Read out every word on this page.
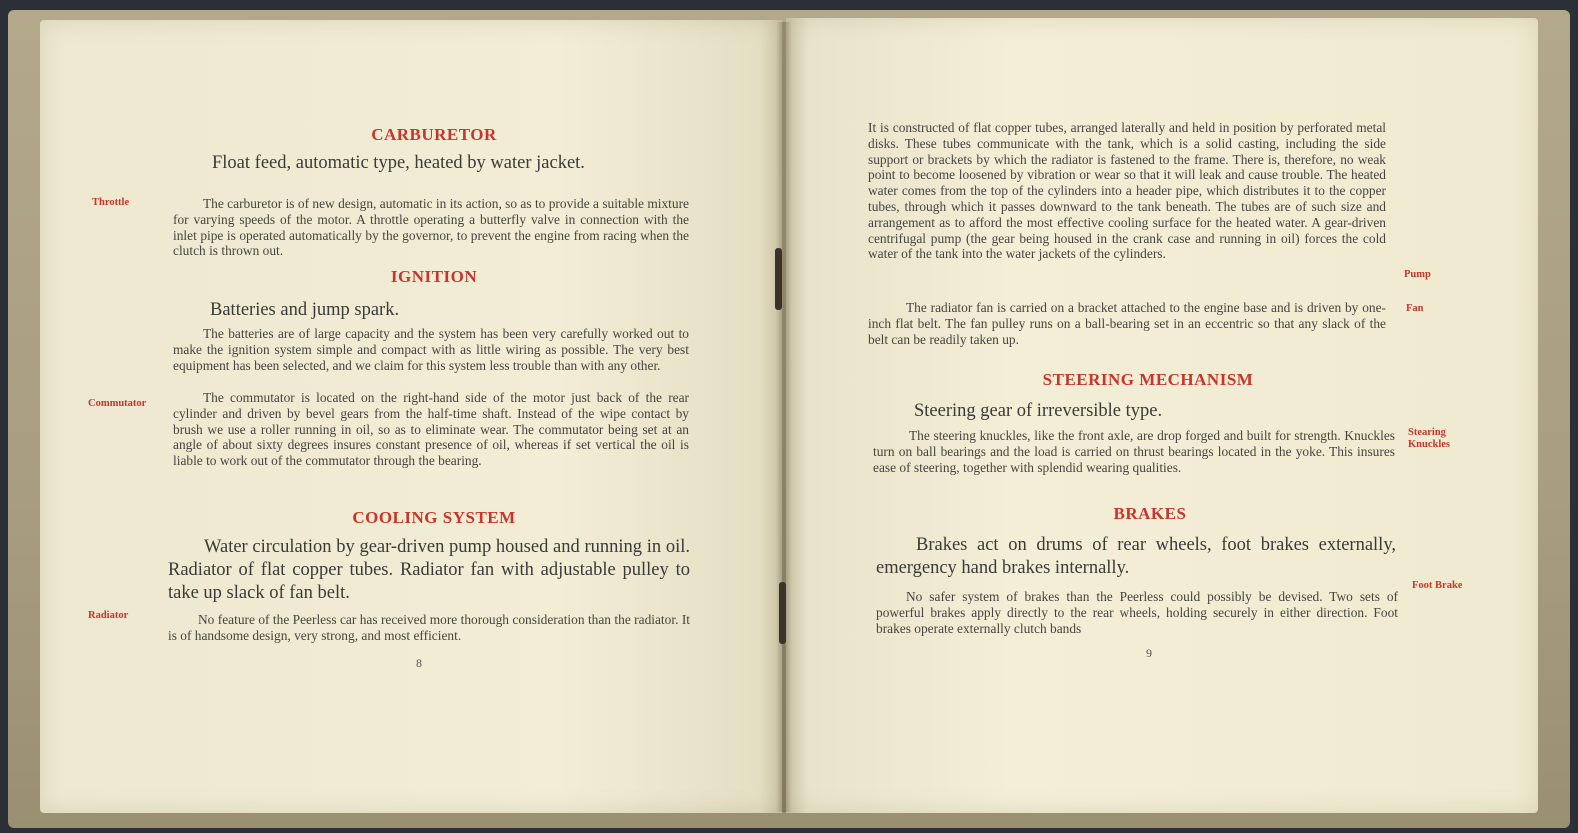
CARBURETOR

Float feed, automatic type, heated by water jacket.

The carburetor is of new design, automatic in its action, so as to provide a suitable mixture for varying speeds of the motor. A throttle operating a butterfly valve in connection with the inlet pipe is operated automatically by the governor, to prevent the engine from racing when the clutch is thrown out.

Throttle
IGNITION

Batteries and jump spark.

The batteries are of large capacity and the system has been very carefully worked out to make the ignition system simple and compact with as little wiring as possible. The very best equipment has been selected, and we claim for this system less trouble than with any other.

The commutator is located on the right-hand side of the motor just back of the rear cylinder and driven by bevel gears from the half-time shaft. Instead of the wipe contact by brush we use a roller running in oil, so as to eliminate wear. The commutator being set at an angle of about sixty degrees insures constant presence of oil, whereas if set vertical the oil is liable to work out of the commutator through the bearing.

Commutator
COOLING SYSTEM

Water circulation by gear-driven pump housed and running in oil. Radiator of flat copper tubes. Radiator fan with adjustable pulley to take up slack of fan belt.

No feature of the Peerless car has received more thorough consideration than the radiator. It is of handsome design, very strong, and most efficient.

Radiator
8

It is constructed of flat copper tubes, arranged laterally and held in position by perforated metal disks. These tubes communicate with the tank, which is a solid casting, including the side support or brackets by which the radiator is fastened to the frame. There is, therefore, no weak point to become loosened by vibration or wear so that it will leak and cause trouble. The heated water comes from the top of the cylinders into a header pipe, which distributes it to the copper tubes, through which it passes downward to the tank beneath. The tubes are of such size and arrangement as to afford the most effective cooling surface for the heated water. A gear-driven centrifugal pump (the gear being housed in the crank case and running in oil) forces the cold water of the tank into the water jackets of the cylinders.

The radiator fan is carried on a bracket attached to the engine base and is driven by one-inch flat belt. The fan pulley runs on a ball-bearing set in an eccentric so that any slack of the belt can be readily taken up.

Pump
Fan
STEERING MECHANISM

Steering gear of irreversible type.

The steering knuckles, like the front axle, are drop forged and built for strength. Knuckles turn on ball bearings and the load is carried on thrust bearings located in the yoke. This insures ease of steering, together with splendid wearing qualities.

Stearing Knuckles
BRAKES

Brakes act on drums of rear wheels, foot brakes externally, emergency hand brakes internally.

No safer system of brakes than the Peerless could possibly be devised. Two sets of powerful brakes apply directly to the rear wheels, holding securely in either direction. Foot brakes operate externally clutch bands

Foot Brake
9
